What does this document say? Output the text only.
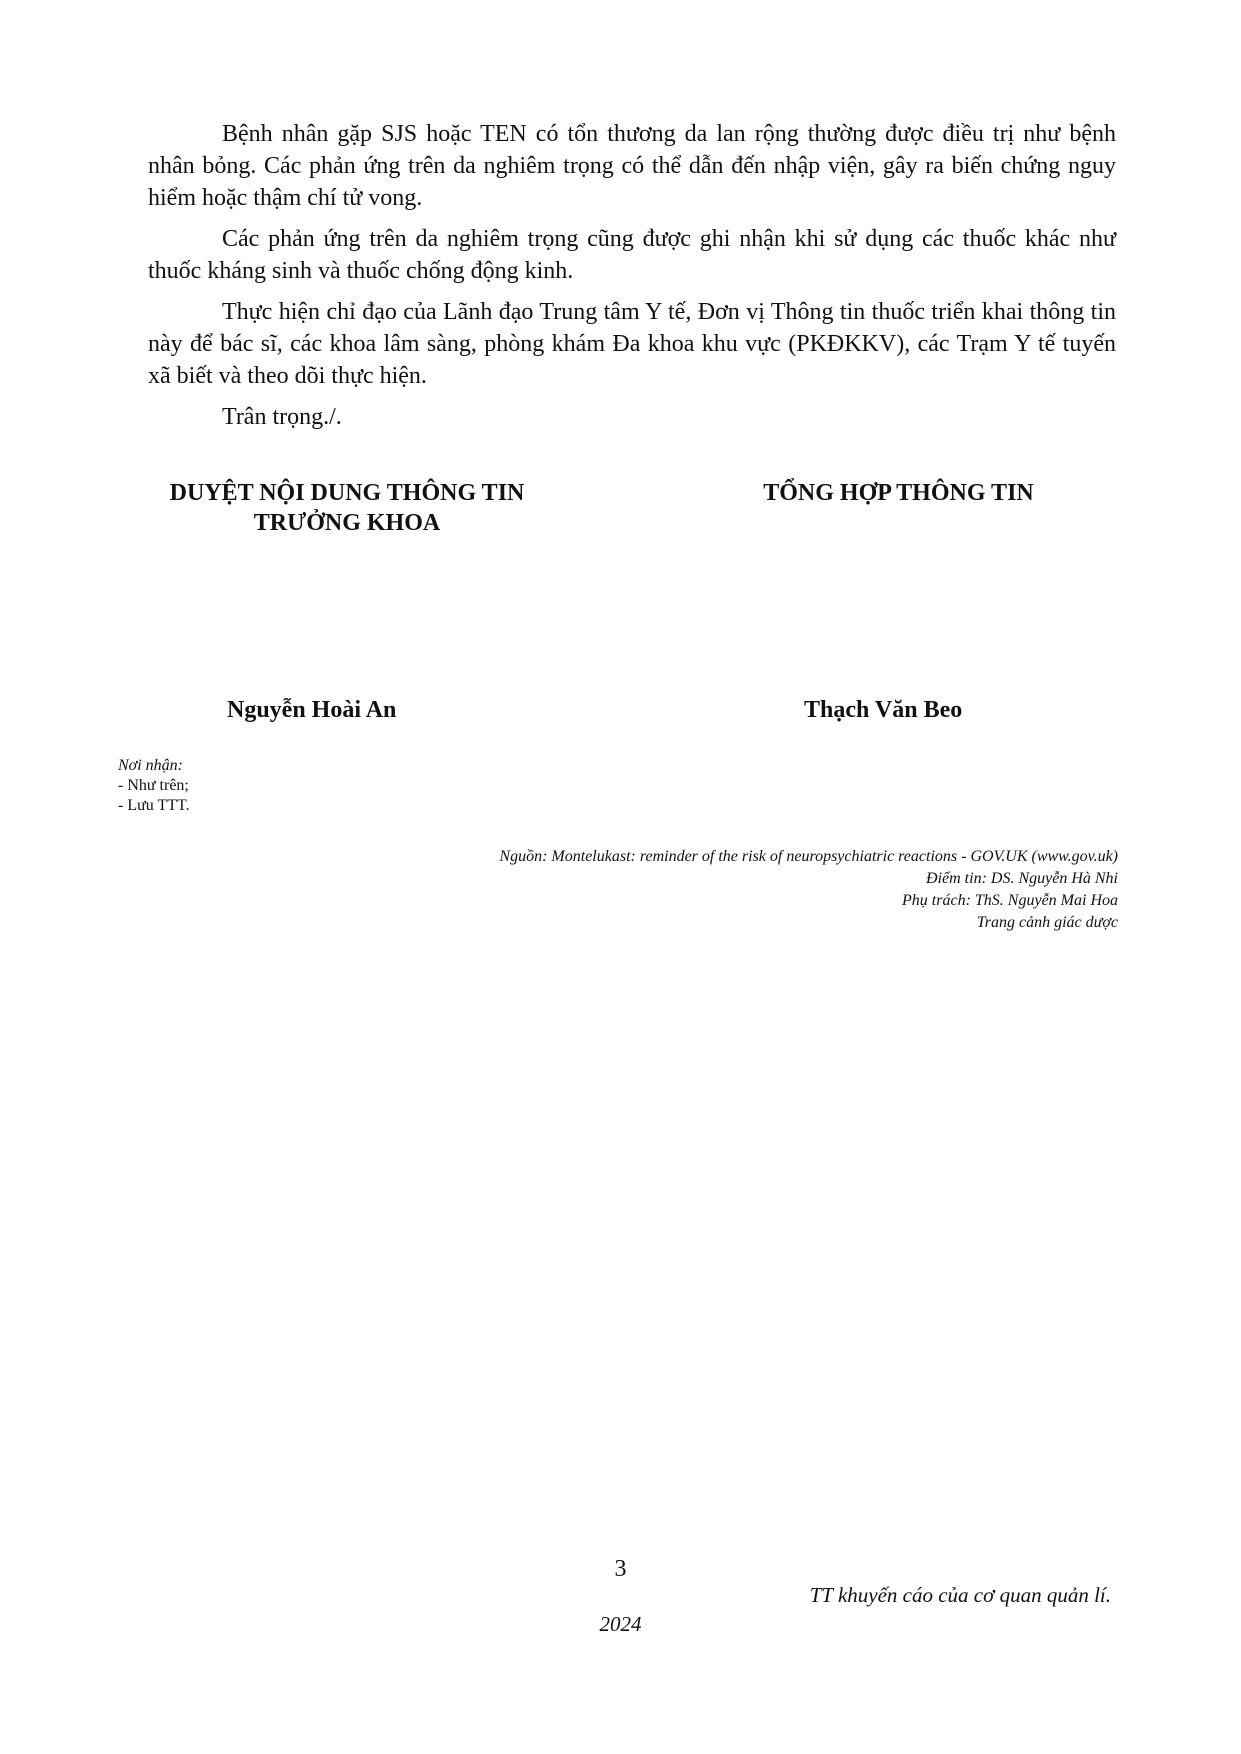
Bệnh nhân gặp SJS hoặc TEN có tổn thương da lan rộng thường được điều trị như bệnh nhân bỏng. Các phản ứng trên da nghiêm trọng có thể dẫn đến nhập viện, gây ra biến chứng nguy hiểm hoặc thậm chí tử vong.

Các phản ứng trên da nghiêm trọng cũng được ghi nhận khi sử dụng các thuốc khác như thuốc kháng sinh và thuốc chống động kinh.

Thực hiện chỉ đạo của Lãnh đạo Trung tâm Y tế, Đơn vị Thông tin thuốc triển khai thông tin này để bác sĩ, các khoa lâm sàng, phòng khám Đa khoa khu vực (PKĐKKV), các Trạm Y tế tuyến xã biết và theo dõi thực hiện.

Trân trọng./.

DUYỆT NỘI DUNG THÔNG TIN
TRƯỞNG KHOA
TỔNG HỢP THÔNG TIN
Nguyễn Hoài An	Thạch Văn Beo
Nơi nhận:
- Như trên;
- Lưu TTT.
Nguồn: Montelukast: reminder of the risk of neuropsychiatric reactions - GOV.UK (www.gov.uk)
Điểm tin: DS. Nguyễn Hà Nhi
Phụ trách: ThS. Nguyễn Mai Hoa
Trang cảnh giác dược
3
TT khuyến cáo của cơ quan quản lí.
2024
